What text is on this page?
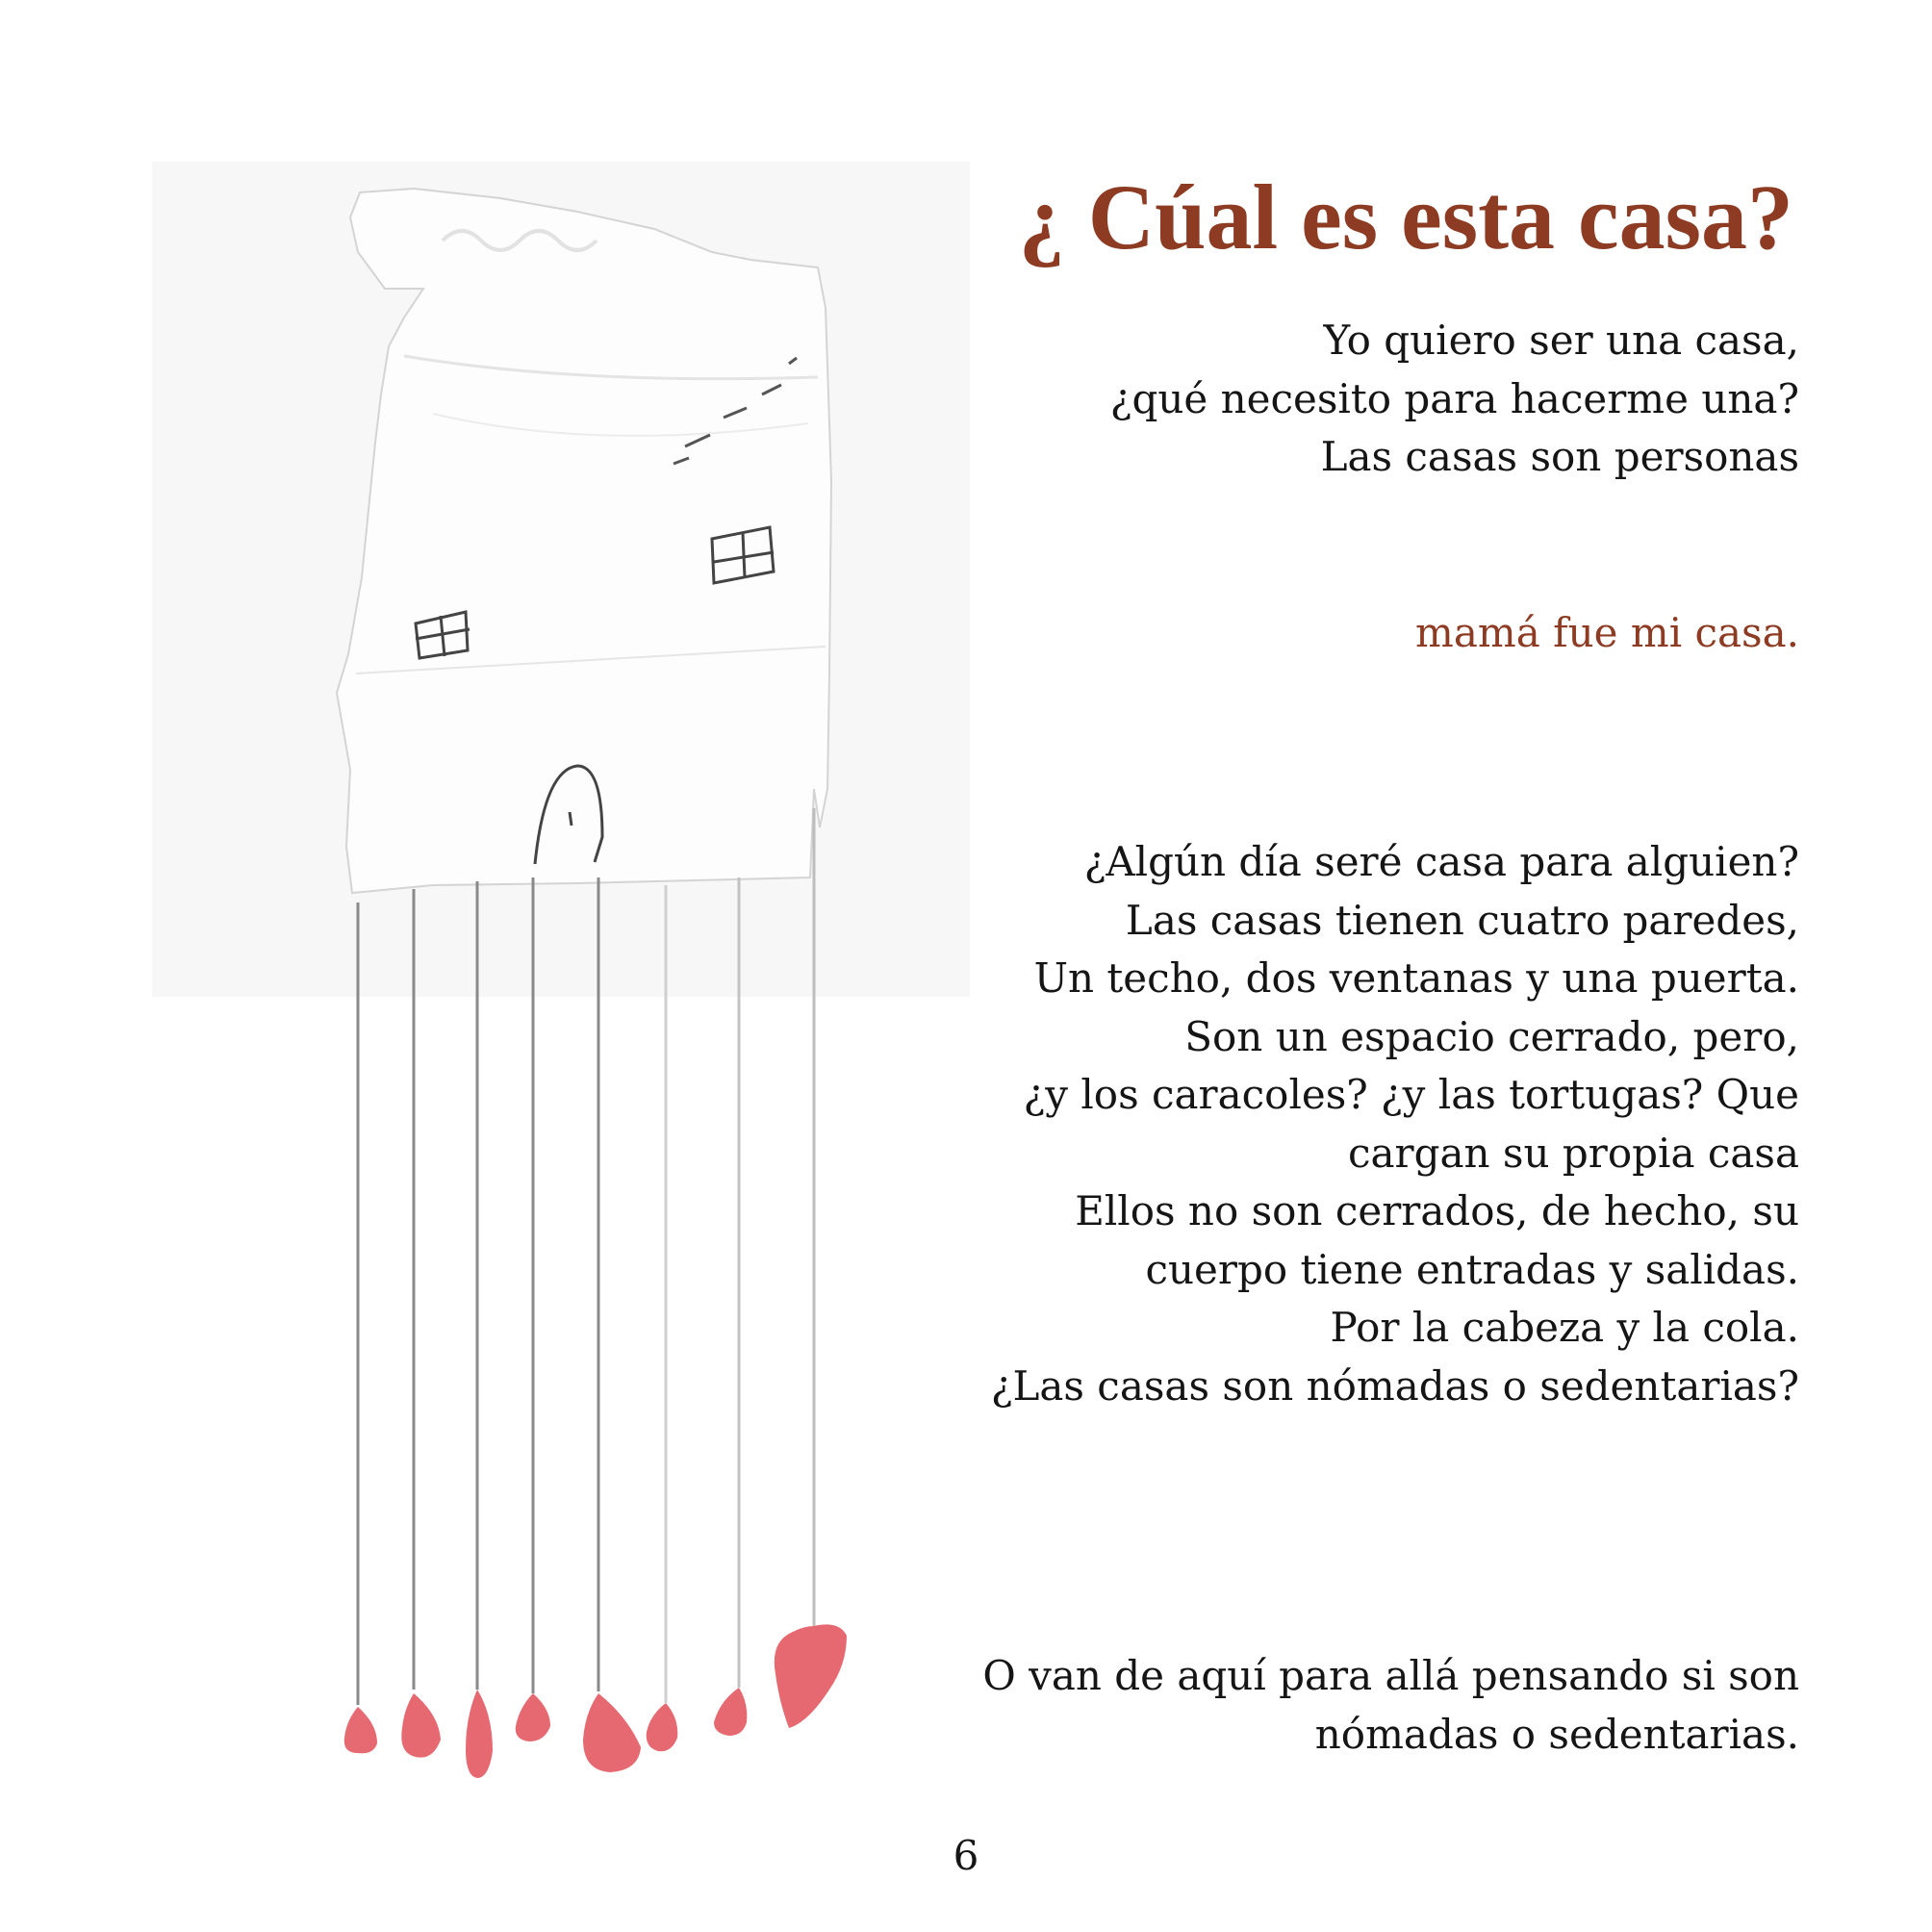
¿ Cúal es esta casa?
Yo quiero ser una casa,
¿qué necesito para hacerme una?
Las casas son personas

mamá fue mi casa.

¿Algún día seré casa para alguien?
Las casas tienen cuatro paredes,
Un techo, dos ventanas y una puerta.
Son un espacio cerrado, pero,
¿y los caracoles? ¿y las tortugas? Que
cargan su propia casa
Ellos no son cerrados, de hecho, su
cuerpo tiene entradas y salidas.
Por la cabeza y la cola.
¿Las casas son nómadas o sedentarias?
O van de aquí para allá pensando si son
nómadas o sedentarias.

6
